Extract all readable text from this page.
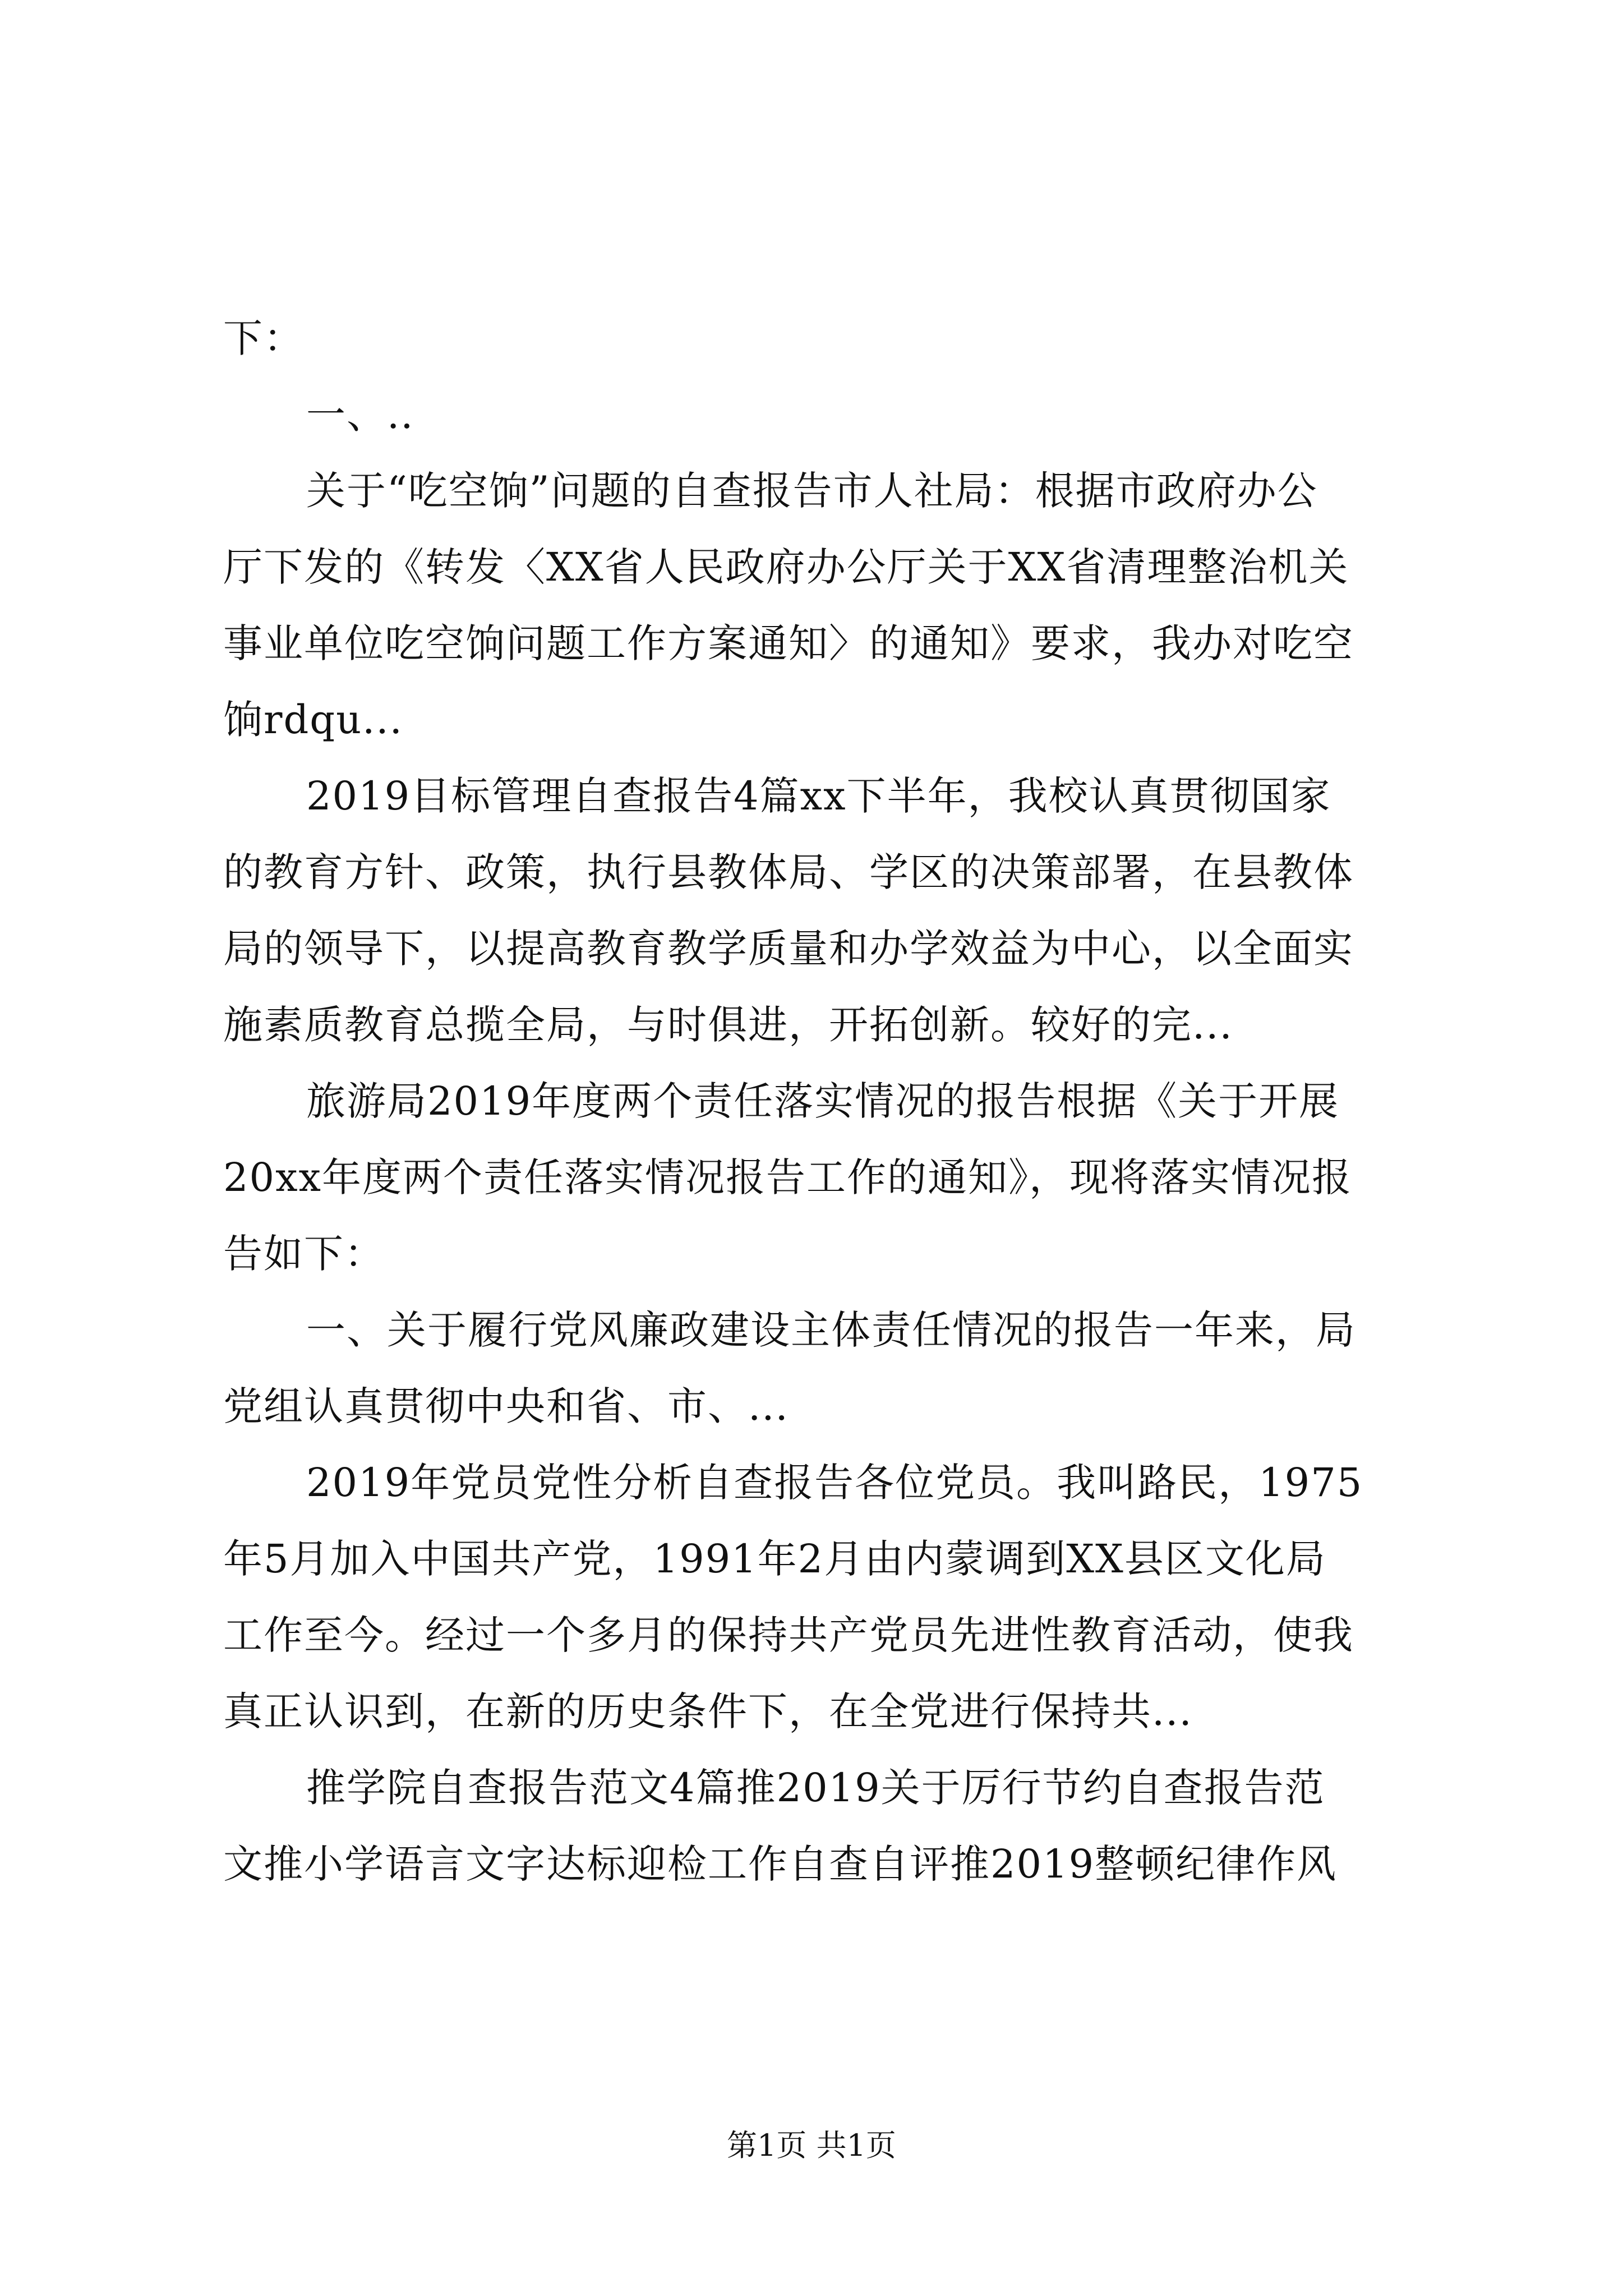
下：
一、..
关于“吃空饷”问题的自查报告市人社局：根据市政府办公
厅下发的《转发〈XX省人民政府办公厅关于XX省清理整治机关
事业单位吃空饷问题工作方案通知〉的通知》要求，我办对吃空
饷rdqu...
2019目标管理自查报告4篇xx下半年，我校认真贯彻国家
的教育方针、政策，执行县教体局、学区的决策部署，在县教体
局的领导下，以提高教育教学质量和办学效益为中心，以全面实
施素质教育总揽全局，与时俱进，开拓创新。较好的完...
旅游局2019年度两个责任落实情况的报告根据《关于开展
20xx年度两个责任落实情况报告工作的通知》，现将落实情况报
告如下：
一、关于履行党风廉政建设主体责任情况的报告一年来，局
党组认真贯彻中央和省、市、...
2019年党员党性分析自查报告各位党员。我叫路民，1975
年5月加入中国共产党，1991年2月由内蒙调到XX县区文化局
工作至今。经过一个多月的保持共产党员先进性教育活动，使我
真正认识到，在新的历史条件下，在全党进行保持共...
推学院自查报告范文4篇推2019关于厉行节约自查报告范
文推小学语言文字达标迎检工作自查自评推2019整顿纪律作风
第1页 共1页
